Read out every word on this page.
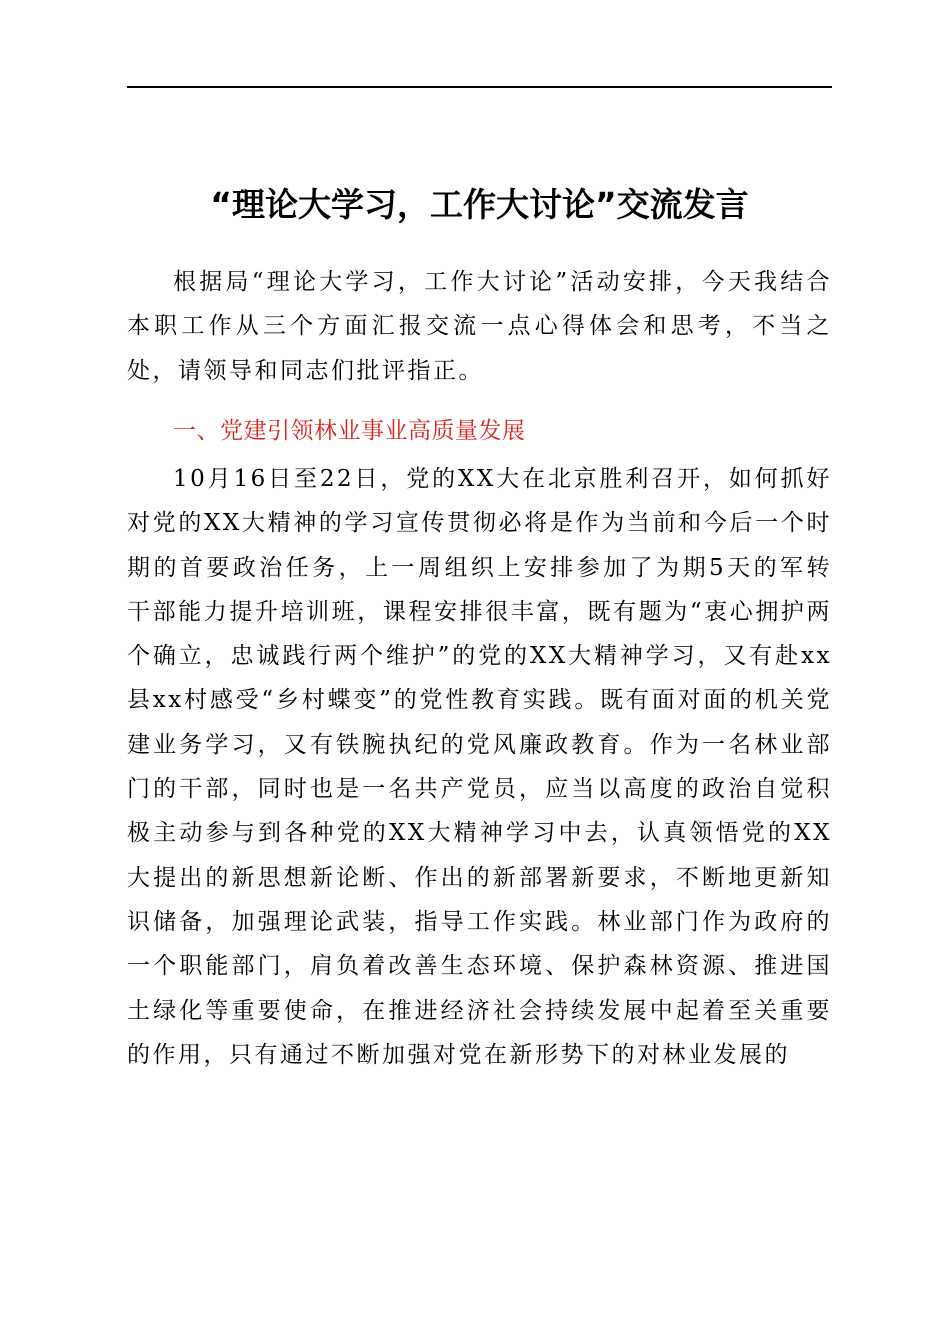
“理论大学习，工作大讨论”交流发言

根据局“理论大学习，工作大讨论”活动安排，今天我结合本职工作从三个方面汇报交流一点心得体会和思考，不当之处，请领导和同志们批评指正。

一、党建引领林业事业高质量发展

10月16日至22日，党的XX大在北京胜利召开，如何抓好对党的XX大精神的学习宣传贯彻必将是作为当前和今后一个时期的首要政治任务，上一周组织上安排参加了为期5天的军转干部能力提升培训班，课程安排很丰富，既有题为“衷心拥护两个确立，忠诚践行两个维护”的党的XX大精神学习，又有赴xx县xx村感受“乡村蝶变”的党性教育实践。既有面对面的机关党建业务学习，又有铁腕执纪的党风廉政教育。作为一名林业部门的干部，同时也是一名共产党员，应当以高度的政治自觉积极主动参与到各种党的XX大精神学习中去，认真领悟党的XX大提出的新思想新论断、作出的新部署新要求，不断地更新知识储备，加强理论武装，指导工作实践。林业部门作为政府的一个职能部门，肩负着改善生态环境、保护森林资源、推进国土绿化等重要使命，在推进经济社会持续发展中起着至关重要的作用，只有通过不断加强对党在新形势下的对林业发展的
